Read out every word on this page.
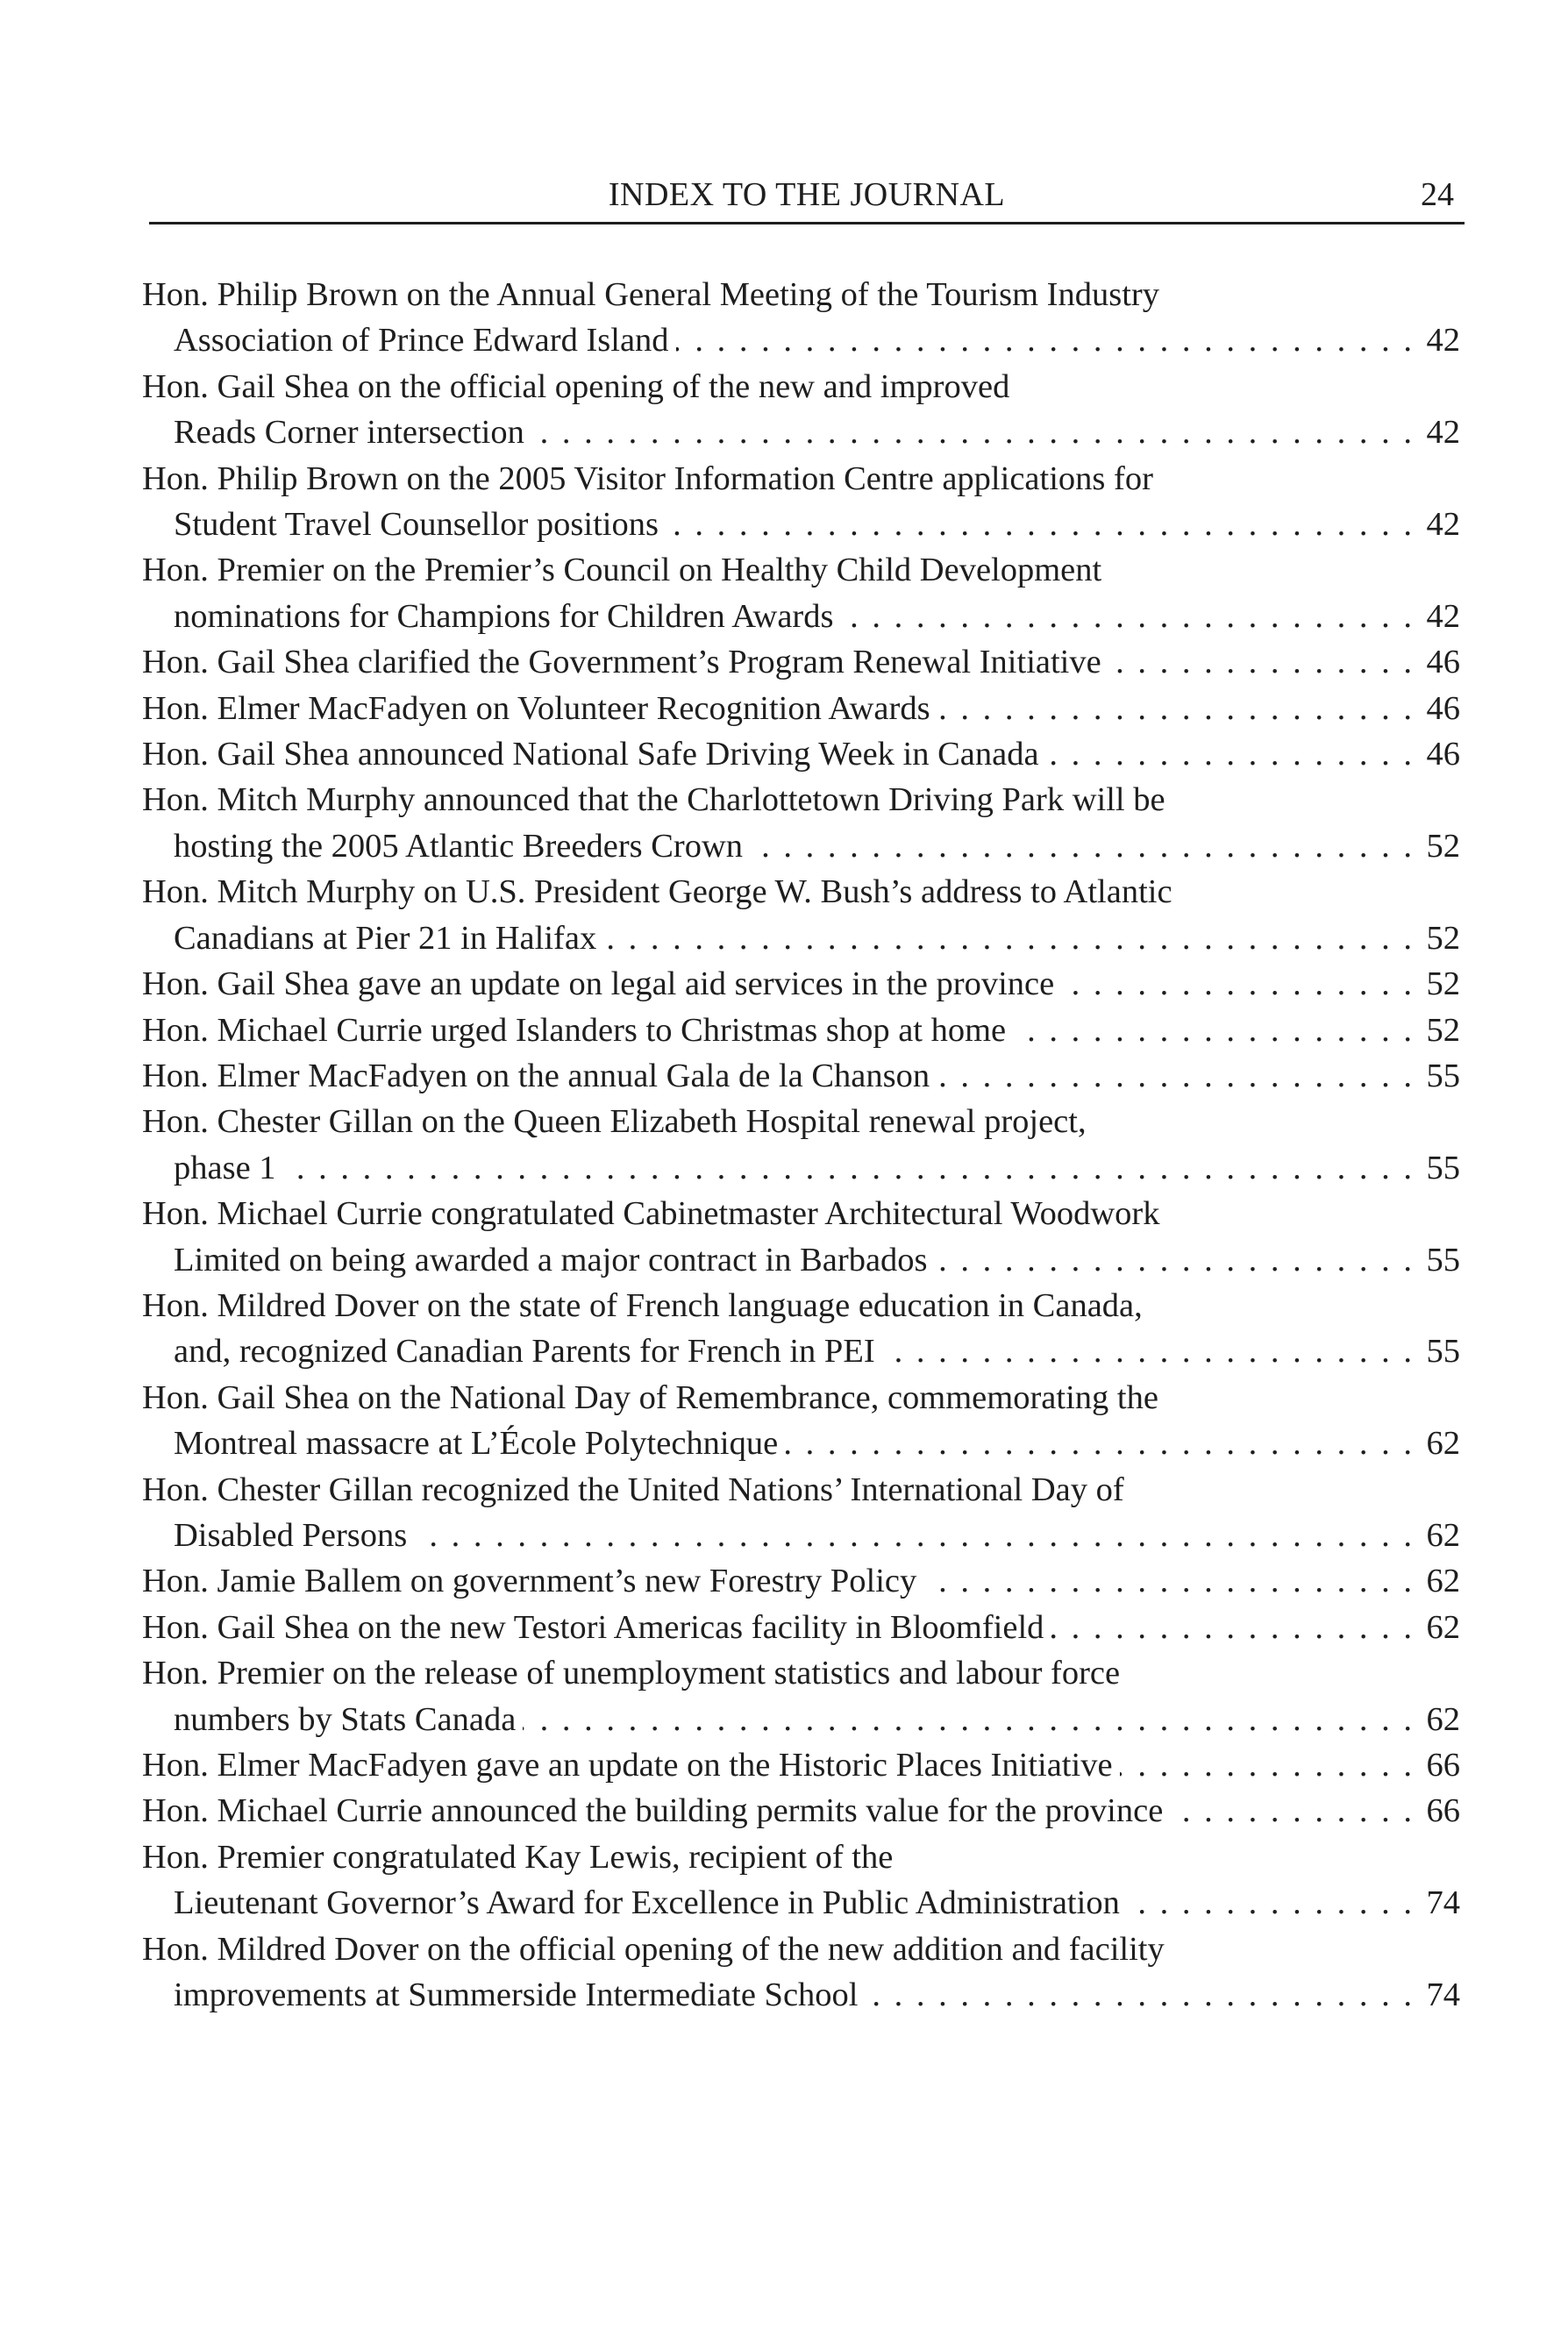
INDEX TO THE JOURNAL	24
Hon. Philip Brown on the Annual General Meeting of the Tourism Industry
Association of Prince Edward Island . . .	42
Hon. Gail Shea on the official opening of the new and improved
Reads Corner intersection . . .	42
Hon. Philip Brown on the 2005 Visitor Information Centre applications for
Student Travel Counsellor positions . . .	42
Hon. Premier on the Premier’s Council on Healthy Child Development
nominations for Champions for Children Awards . . .	42
Hon. Gail Shea clarified the Government’s Program Renewal Initiative . . .	46
Hon. Elmer MacFadyen on Volunteer Recognition Awards . . .	46
Hon. Gail Shea announced National Safe Driving Week in Canada . . .	46
Hon. Mitch Murphy announced that the Charlottetown Driving Park will be
hosting the 2005 Atlantic Breeders Crown . . .	52
Hon. Mitch Murphy on U.S. President George W. Bush’s address to Atlantic
Canadians at Pier 21 in Halifax . . .	52
Hon. Gail Shea gave an update on legal aid services in the province . . .	52
Hon. Michael Currie urged Islanders to Christmas shop at home . . .	52
Hon. Elmer MacFadyen on the annual Gala de la Chanson . . .	55
Hon. Chester Gillan on the Queen Elizabeth Hospital renewal project,
phase 1 . . .	55
Hon. Michael Currie congratulated Cabinetmaster Architectural Woodwork
Limited on being awarded a major contract in Barbados . . .	55
Hon. Mildred Dover on the state of French language education in Canada,
and, recognized Canadian Parents for French in PEI . . .	55
Hon. Gail Shea on the National Day of Remembrance, commemorating the
Montreal massacre at L’École Polytechnique . . .	62
Hon. Chester Gillan recognized the United Nations’ International Day of
Disabled Persons . . .	62
Hon. Jamie Ballem on government’s new Forestry Policy . . .	62
Hon. Gail Shea on the new Testori Americas facility in Bloomfield . . .	62
Hon. Premier on the release of unemployment statistics and labour force
numbers by Stats Canada . . .	62
Hon. Elmer MacFadyen gave an update on the Historic Places Initiative . . .	66
Hon. Michael Currie announced the building permits value for the province . . .	66
Hon. Premier congratulated Kay Lewis, recipient of the
Lieutenant Governor’s Award for Excellence in Public Administration . . .	74
Hon. Mildred Dover on the official opening of the new addition and facility
improvements at Summerside Intermediate School . . .	74
